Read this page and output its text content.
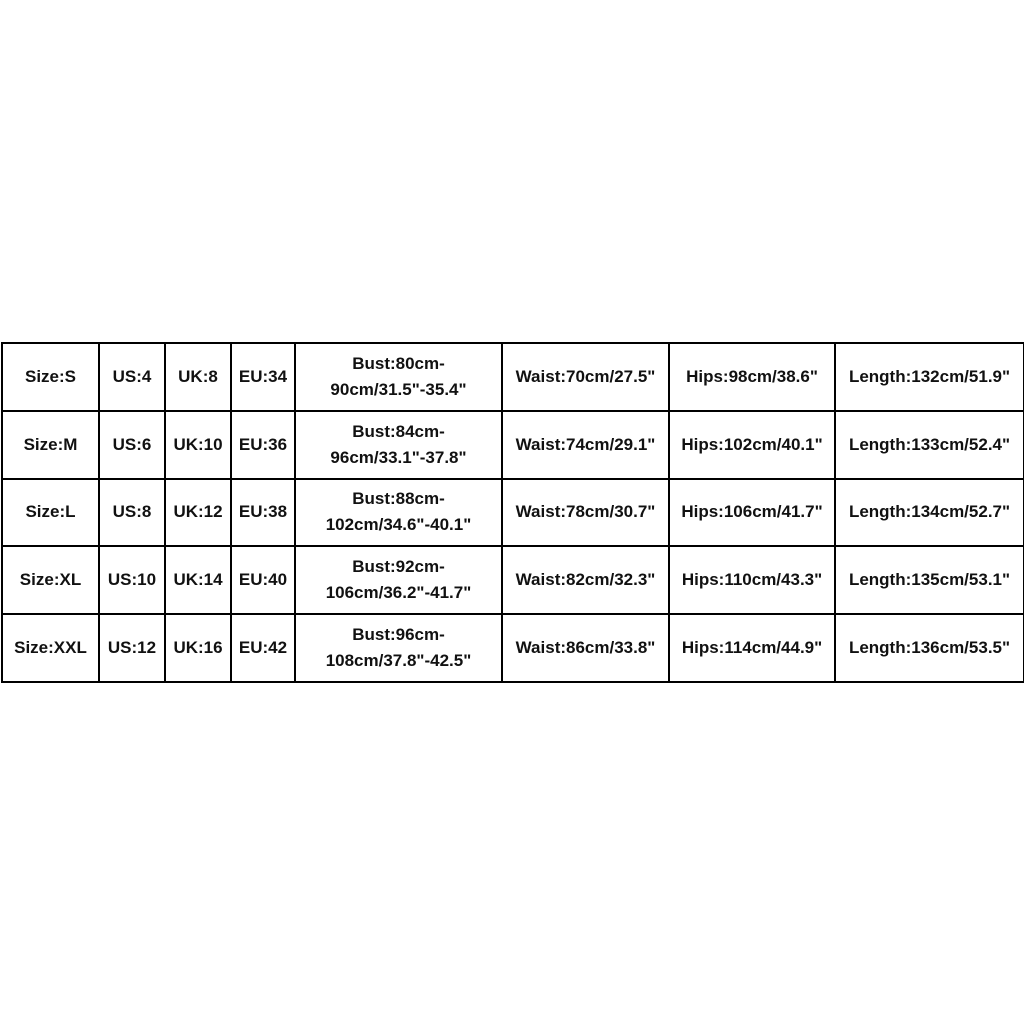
Size:S	US:4	UK:8	EU:34	Bust:80cm-
90cm/31.5"-35.4"	Waist:70cm/27.5"	Hips:98cm/38.6"	Length:132cm/51.9"
Size:M	US:6	UK:10	EU:36	Bust:84cm-
96cm/33.1"-37.8"	Waist:74cm/29.1"	Hips:102cm/40.1"	Length:133cm/52.4"
Size:L	US:8	UK:12	EU:38	Bust:88cm-
102cm/34.6"-40.1"	Waist:78cm/30.7"	Hips:106cm/41.7"	Length:134cm/52.7"
Size:XL	US:10	UK:14	EU:40	Bust:92cm-
106cm/36.2"-41.7"	Waist:82cm/32.3"	Hips:110cm/43.3"	Length:135cm/53.1"
Size:XXL	US:12	UK:16	EU:42	Bust:96cm-
108cm/37.8"-42.5"	Waist:86cm/33.8"	Hips:114cm/44.9"	Length:136cm/53.5"
